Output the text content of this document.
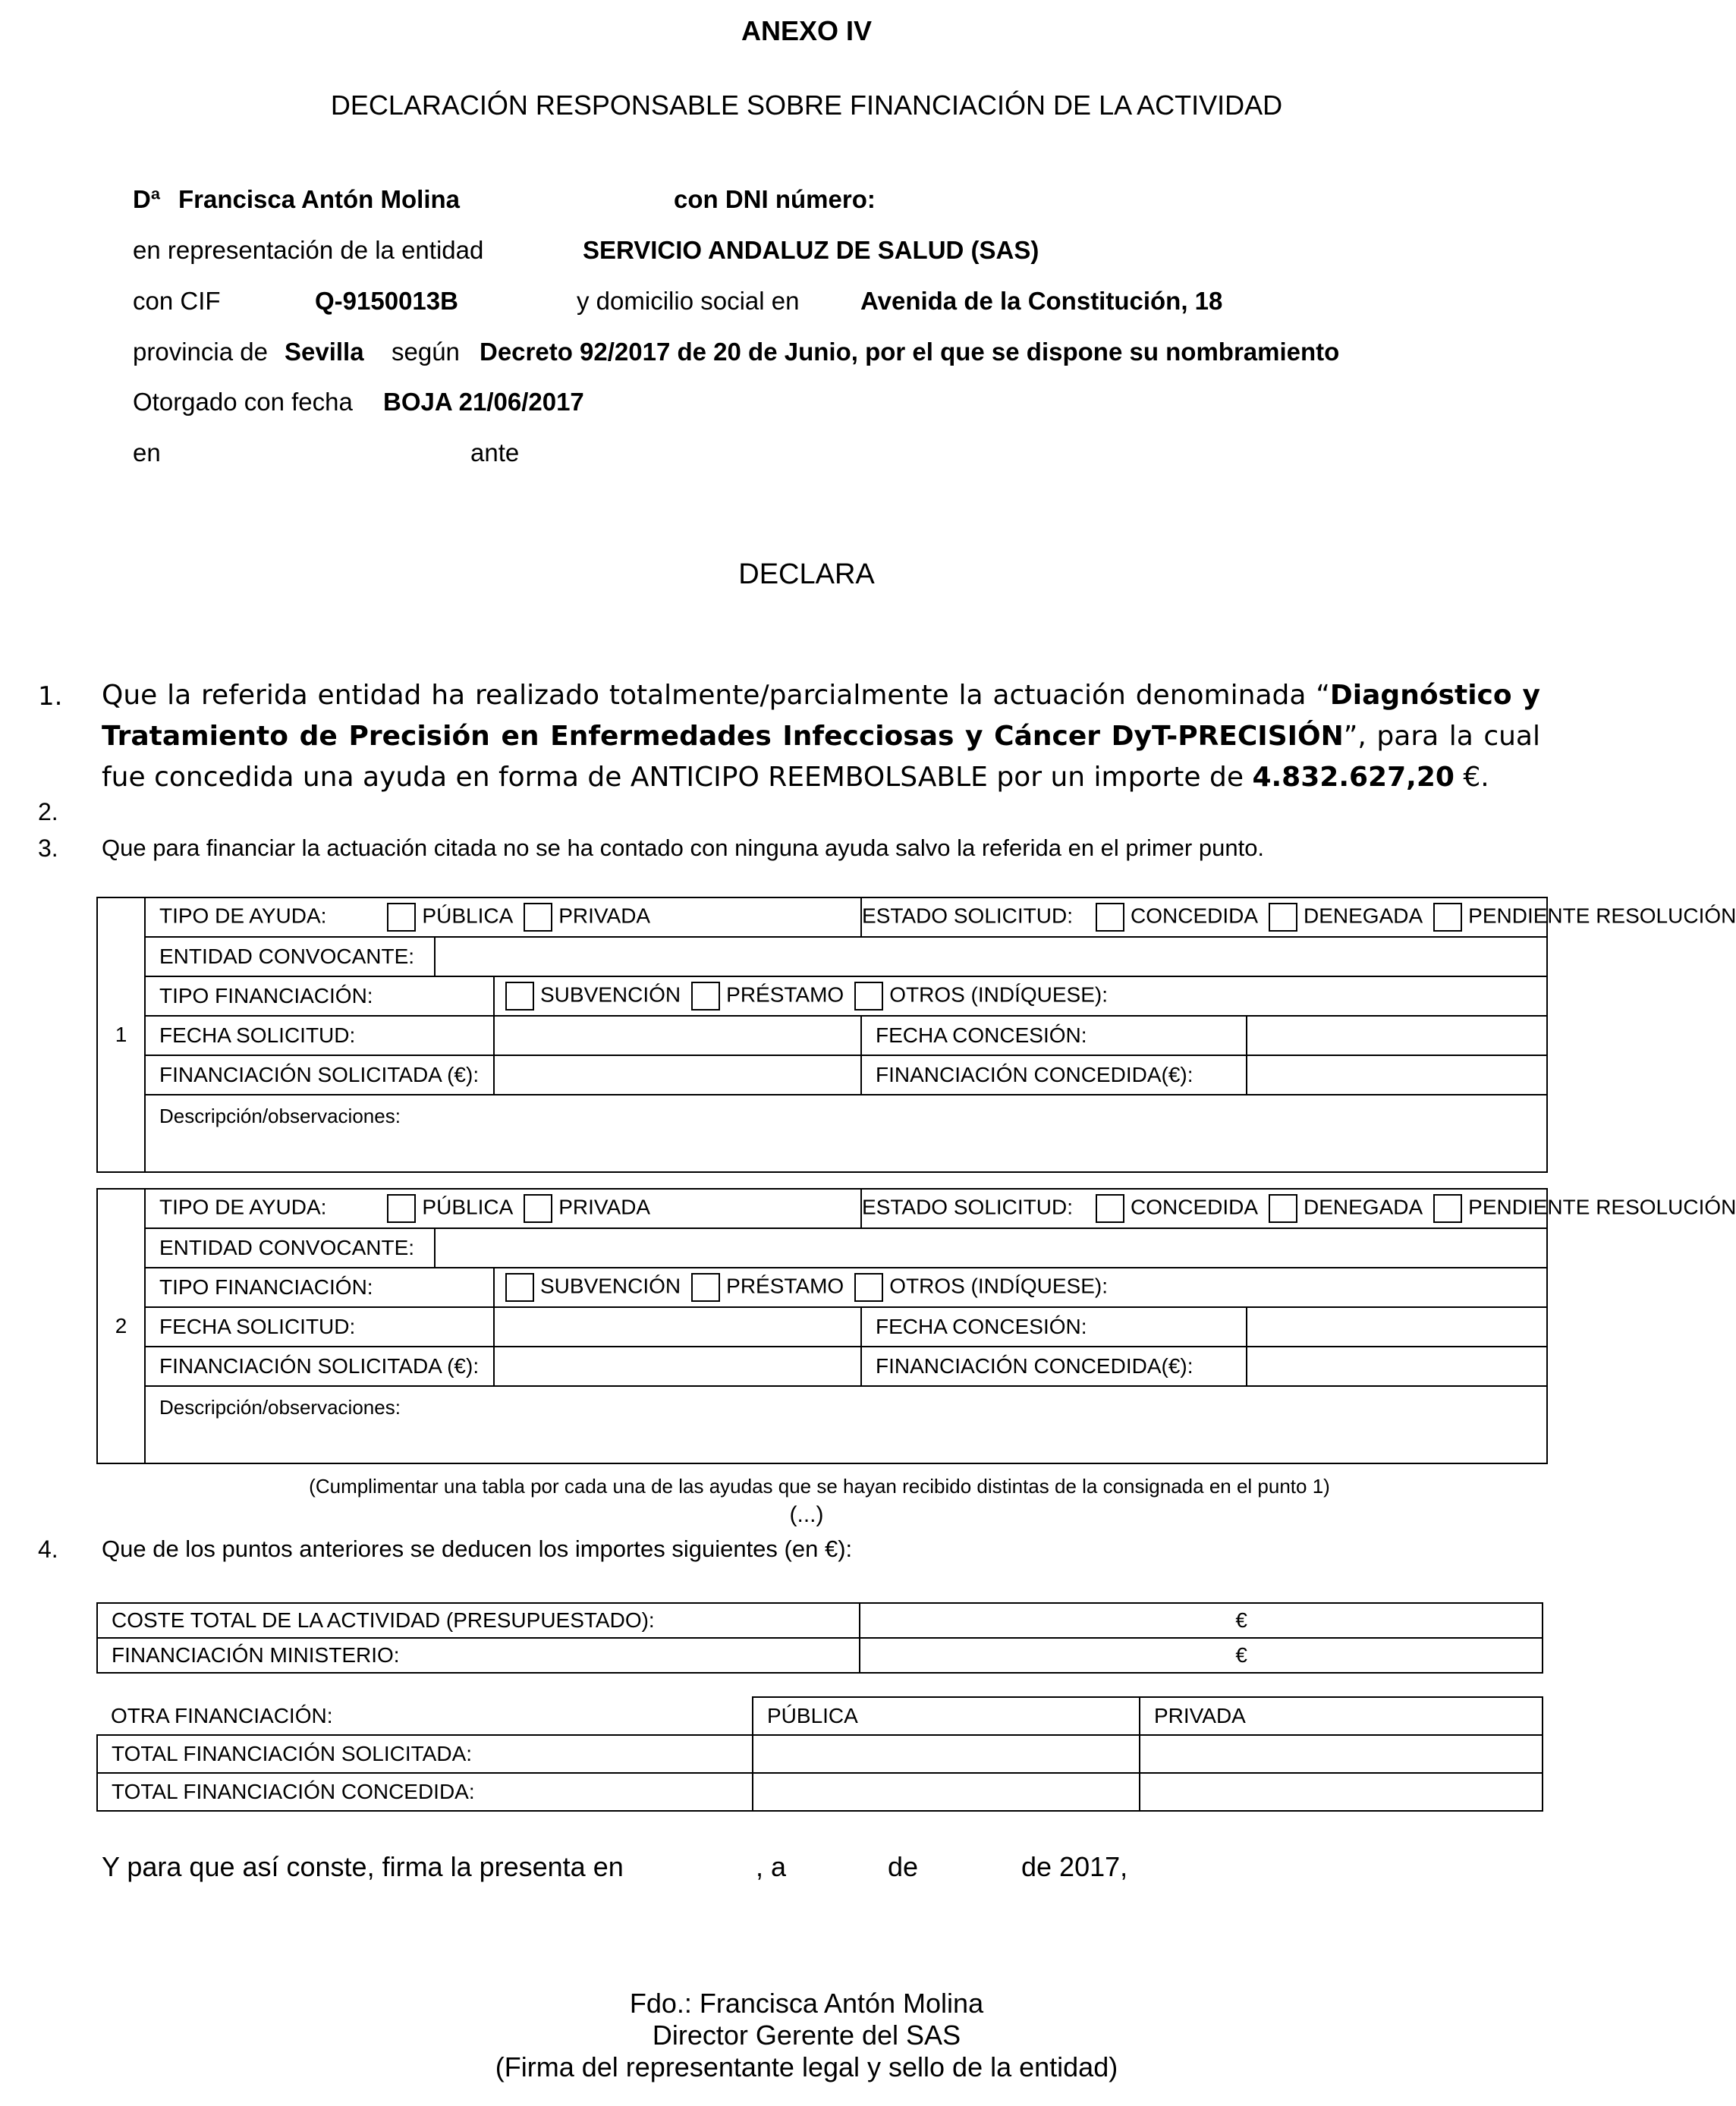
ANEXO IV
DECLARACIÓN RESPONSABLE SOBRE FINANCIACIÓN DE LA ACTIVIDAD
Dª Francisca Antón Molina	con DNI número:
en representación de la entidad	SERVICIO ANDALUZ DE SALUD (SAS)
con CIF	Q-9150013B	y domicilio social en Avenida de la Constitución, 18
provincia de Sevilla según Decreto 92/2017 de 20 de Junio, por el que se dispone su nombramiento
Otorgado con fecha BOJA 21/06/2017
en	ante
DECLARA
1. Que la referida entidad ha realizado totalmente/parcialmente la actuación denominada “Diagnóstico y Tratamiento de Precisión en Enfermedades Infecciosas y Cáncer DyT-PRECISIÓN”, para la cual fue concedida una ayuda en forma de ANTICIPO REEMBOLSABLE por un importe de 4.832.627,20 €.
2.
3. Que para financiar la actuación citada no se ha contado con ninguna ayuda salvo la referida en el primer punto.
1	TIPO DE AYUDA: PÚBLICA PRIVADA			ESTADO SOLICITUD: CONCEDIDA DENEGADA PENDIENTE RESOLUCIÓN	
	ENTIDAD CONVOCANTE:				
	TIPO FINANCIACIÓN:		SUBVENCIÓN PRÉSTAMO OTROS (INDÍQUESE):		
	FECHA SOLICITUD:			FECHA CONCESIÓN:	
	FINANCIACIÓN SOLICITADA (€):			FINANCIACIÓN CONCEDIDA(€):	
	Descripción/observaciones:				
2	TIPO DE AYUDA: PÚBLICA PRIVADA			ESTADO SOLICITUD: CONCEDIDA DENEGADA PENDIENTE RESOLUCIÓN	
	ENTIDAD CONVOCANTE:				
	TIPO FINANCIACIÓN:		SUBVENCIÓN PRÉSTAMO OTROS (INDÍQUESE):		
	FECHA SOLICITUD:			FECHA CONCESIÓN:	
	FINANCIACIÓN SOLICITADA (€):			FINANCIACIÓN CONCEDIDA(€):	
	Descripción/observaciones:				
(Cumplimentar una tabla por cada una de las ayudas que se hayan recibido distintas de la consignada en el punto 1)
(...)
4. Que de los puntos anteriores se deducen los importes siguientes (en €):
COSTE TOTAL DE LA ACTIVIDAD (PRESUPUESTADO):	€

FINANCIACIÓN MINISTERIO:	€
OTRA FINANCIACIÓN:	PÚBLICA	PRIVADA
TOTAL FINANCIACIÓN SOLICITADA:		
TOTAL FINANCIACIÓN CONCEDIDA:		
Y para que así conste, firma la presenta en	, a	de	de 2017,
Fdo.: Francisca Antón Molina
Director Gerente del SAS
(Firma del representante legal y sello de la entidad)
